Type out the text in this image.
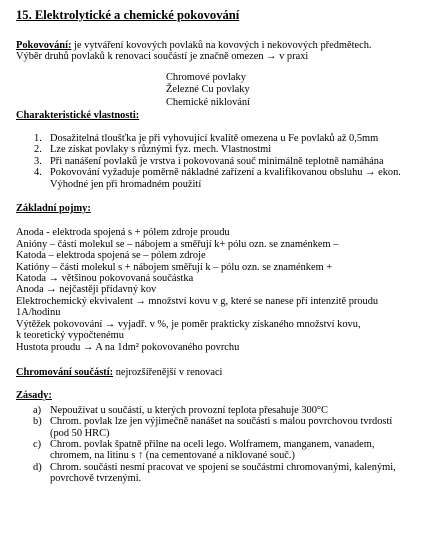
15. Elektrolytické a chemické pokovování
Pokovování: je vytváření kovových povlaků na kovových i nekovových předmětech.
Výběr druhů povlaků k renovaci součástí je značně omezen → v praxi
Chromové povlaky
Železné Cu povlaky
Chemické niklování
Charakteristické vlastnosti:
1. Dosažitelná tloušťka je při vyhovující kvalitě omezena u Fe povlaků až 0,5mm
2. Lze získat povlaky s různými fyz. mech. Vlastnostmi
3. Při nanášení povlaků je vrstva i pokovovaná souč minimálně teplotně namáhána
4. Pokovování vyžaduje poměrně nákladné zařízení a kvalifikovanou obsluhu → ekon.
Výhodné jen při hromadném použití
Základní pojmy:
Anoda - elektroda spojená s + pólem zdroje proudu
Anióny – částí molekul se – nábojem a směřují k+ pólu ozn. se znaménkem –
Katoda – elektroda spojená se – pólem zdroje
Katióny – části molekul s + nábojem směřují k – pólu ozn. se znaménkem +
Katoda → většinou pokovovaná součástka
Anoda → nejčastěji přídavný kov
Elektrochemický ekvivalent → množství kovu v g, které se nanese při intenzitě proudu
1A/hodinu
Výtěžek pokovování → vyjadř. v %, je poměr prakticky získaného množství kovu,
k teoretický vypočtenému
Hustota proudu → A na 1dm² pokovovaného povrchu
Chromování součástí: nejrozšířenější v renovaci
Zásady:
a) Nepoužívat u součástí, u kterých provozní teplota přesahuje 300°C
b) Chrom. povlak lze jen výjimečně nanášet na součásti s malou povrchovou tvrdostí
(pod 50 HRC)
c) Chrom. povlak špatně přilne na oceli lego. Wolframem, manganem, vanadem,
chromem, na litinu s ↑ (na cementované a niklované souč.)
d) Chrom. součásti nesmí pracovat ve spojení se součástmi chromovanými, kalenými,
povrchově tvrzenými.
